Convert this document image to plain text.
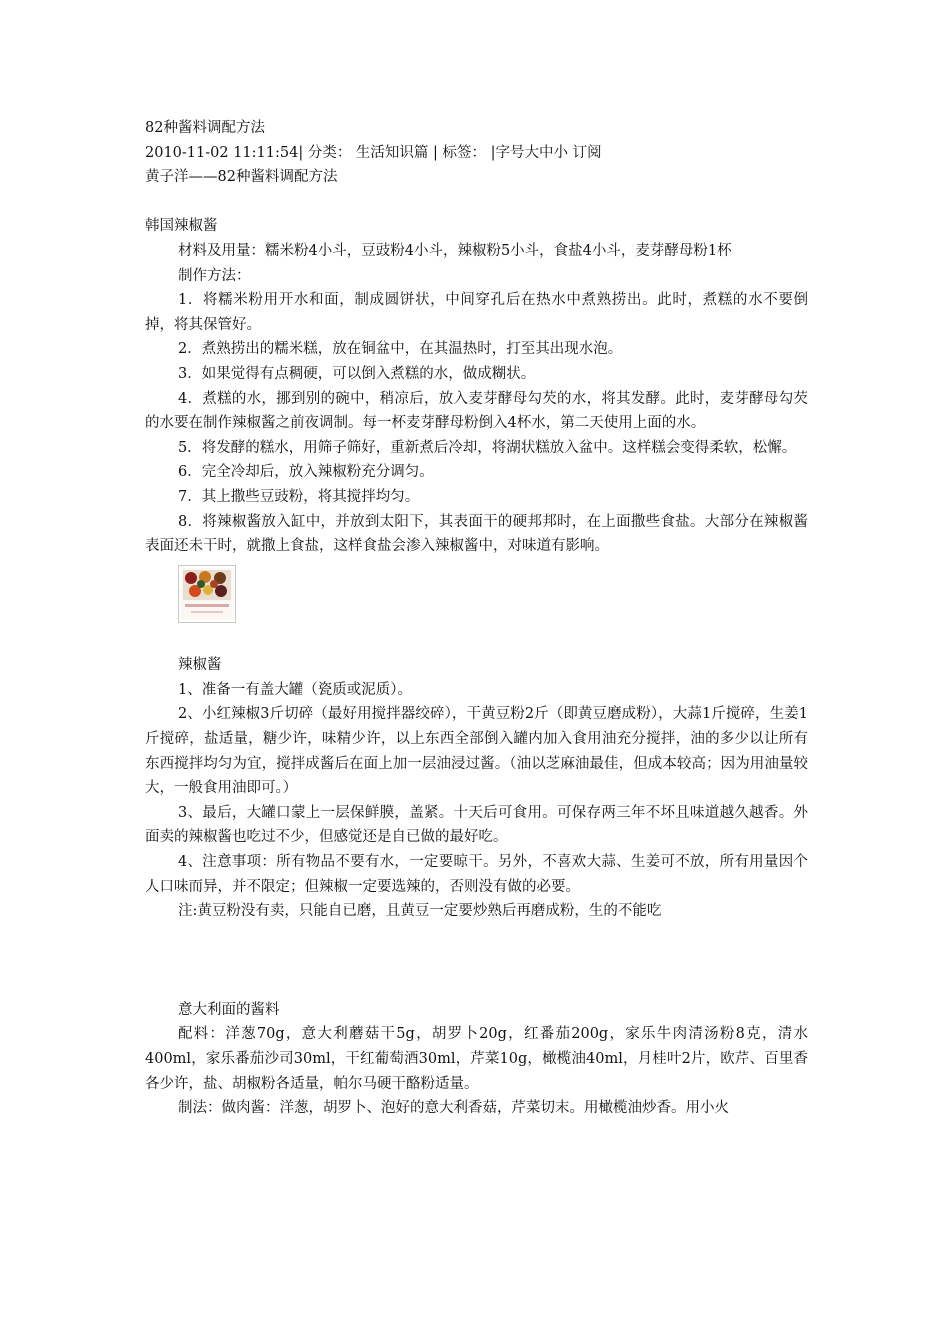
82种酱料调配方法

2010-11-02 11:11:54| 分类： 生活知识篇 | 标签： |字号大中小 订阅

黄子洋——82种酱料调配方法

韩国辣椒酱

材料及用量：糯米粉4小斗，豆豉粉4小斗，辣椒粉5小斗，食盐4小斗，麦芽酵母粉1杯

制作方法：

1．将糯米粉用开水和面，制成圆饼状，中间穿孔后在热水中煮熟捞出。此时，煮糕的水不要倒掉，将其保管好。

2．煮熟捞出的糯米糕，放在铜盆中，在其温热时，打至其出现水泡。

3．如果觉得有点稠硬，可以倒入煮糕的水，做成糊状。

4．煮糕的水，挪到别的碗中，稍凉后，放入麦芽酵母勾芡的水，将其发酵。此时，麦芽酵母勾芡的水要在制作辣椒酱之前夜调制。每一杯麦芽酵母粉倒入4杯水，第二天使用上面的水。

5．将发酵的糕水，用筛子筛好，重新煮后冷却，将湖状糕放入盆中。这样糕会变得柔软，松懈。

6．完全冷却后，放入辣椒粉充分调匀。

7．其上撒些豆豉粉，将其搅拌均匀。

8．将辣椒酱放入缸中，并放到太阳下，其表面干的硬邦邦时，在上面撒些食盐。大部分在辣椒酱表面还未干时，就撒上食盐，这样食盐会渗入辣椒酱中，对味道有影响。

辣椒酱

1、准备一有盖大罐（瓷质或泥质）。

2、小红辣椒3斤切碎（最好用搅拌器绞碎），干黄豆粉2斤（即黄豆磨成粉），大蒜1斤搅碎，生姜1斤搅碎，盐适量，糖少许，味精少许，以上东西全部倒入罐内加入食用油充分搅拌，油的多少以让所有东西搅拌均匀为宜，搅拌成酱后在面上加一层油浸过酱。（油以芝麻油最佳，但成本较高；因为用油量较大，一般食用油即可。）

3、最后，大罐口蒙上一层保鲜膜，盖紧。十天后可食用。可保存两三年不坏且味道越久越香。外面卖的辣椒酱也吃过不少，但感觉还是自已做的最好吃。

4、注意事项：所有物品不要有水，一定要晾干。另外，不喜欢大蒜、生姜可不放，所有用量因个人口味而异，并不限定；但辣椒一定要选辣的，否则没有做的必要。

注:黄豆粉没有卖，只能自已磨，且黄豆一定要炒熟后再磨成粉，生的不能吃

意大利面的酱料

配料：洋葱70g，意大利蘑菇干5g，胡罗卜20g，红番茄200g，家乐牛肉清汤粉8克，清水400ml，家乐番茄沙司30ml，干红葡萄酒30ml，芹菜10g，橄榄油40ml，月桂叶2片，欧芹、百里香各少许，盐、胡椒粉各适量，帕尔马硬干酪粉适量。

制法：做肉酱：洋葱，胡罗卜、泡好的意大利香菇，芹菜切末。用橄榄油炒香。用小火
